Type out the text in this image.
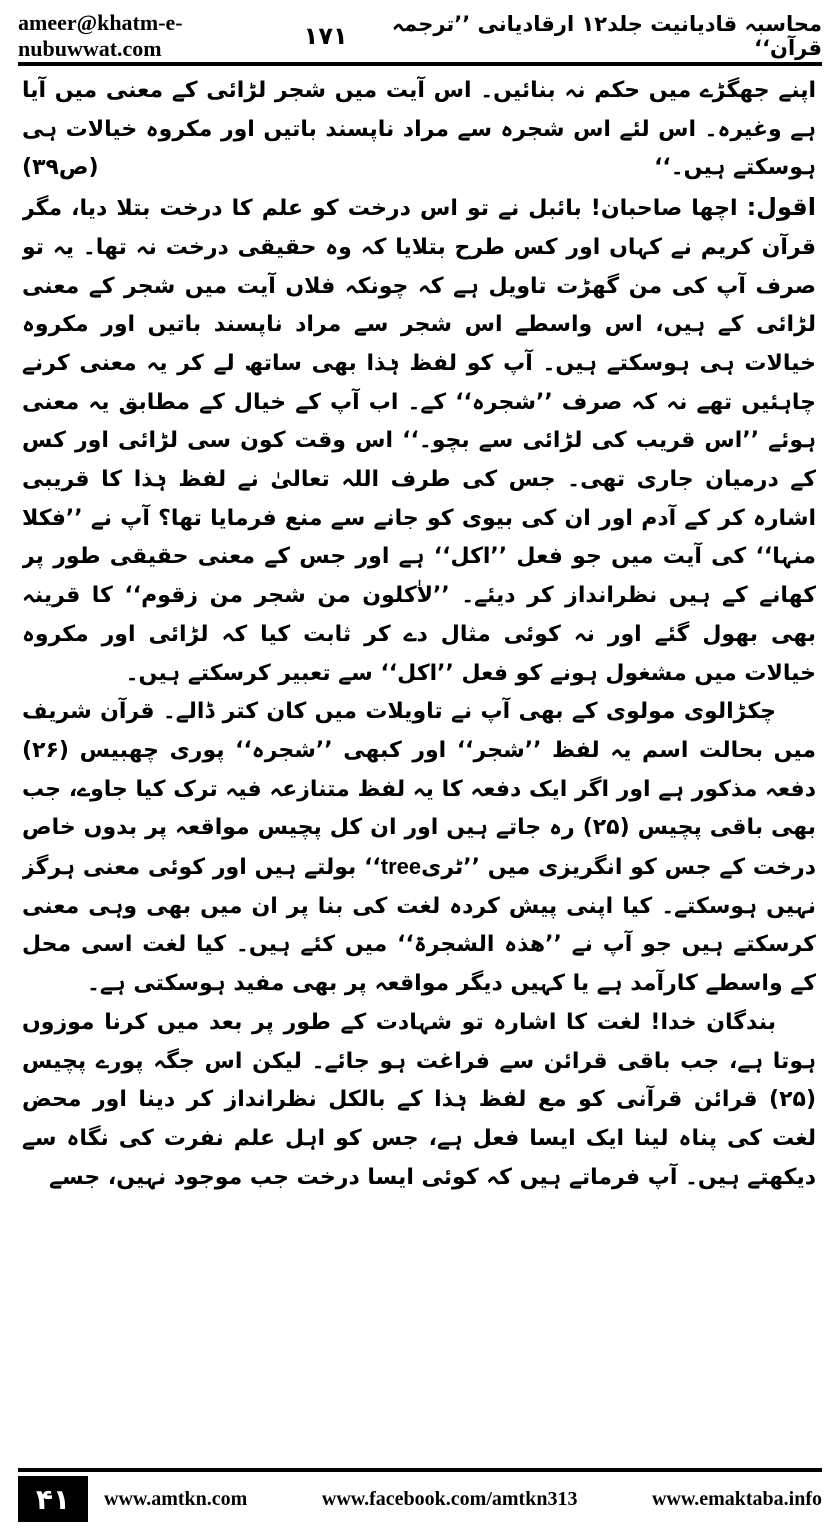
ameer@khatm-e-nubuwwat.com
محاسبہ قادیانیت جلد۱۲ ارقادیانی ’’ترجمہ قرآن‘‘
۱۷۱

اپنے جھگڑے میں حکم نہ بنائیں۔ اس آیت میں شجر لڑائی کے معنی میں آیا ہے وغیرہ۔ اس لئے اس شجرہ سے مراد ناپسند باتیں اور مکروہ خیالات ہی ہوسکتے ہیں۔‘‘
(ص۳۹)

اقول: اچھا صاحبان! بائبل نے تو اس درخت کو علم کا درخت بتلا دیا، مگر قرآن کریم نے کہاں اور کس طرح بتلایا کہ وہ حقیقی درخت نہ تھا۔ یہ تو صرف آپ کی من گھڑت تاویل ہے کہ چونکہ فلاں آیت میں شجر کے معنی لڑائی کے ہیں، اس واسطے اس شجر سے مراد ناپسند باتیں اور مکروہ خیالات ہی ہوسکتے ہیں۔ آپ کو لفظ ہٰذا بھی ساتھ لے کر یہ معنی کرنے چاہئیں تھے نہ کہ صرف ’’شجرہ‘‘ کے۔ اب آپ کے خیال کے مطابق یہ معنی ہوئے ’’اس قریب کی لڑائی سے بچو۔‘‘ اس وقت کون سی لڑائی اور کس کے درمیان جاری تھی۔ جس کی طرف اللہ تعالیٰ نے لفظ ہٰذا کا قریبی اشارہ کر کے آدم اور ان کی بیوی کو جانے سے منع فرمایا تھا؟ آپ نے ’’فکلا منہا‘‘ کی آیت میں جو فعل ’’اکل‘‘ ہے اور جس کے معنی حقیقی طور پر کھانے کے ہیں نظرانداز کر دیئے۔ ’’لاٰکلون من شجر من زقوم‘‘ کا قرینہ بھی بھول گئے اور نہ کوئی مثال دے کر ثابت کیا کہ لڑائی اور مکروہ خیالات میں مشغول ہونے کو فعل ’’اکل‘‘ سے تعبیر کرسکتے ہیں۔

چکڑالوی مولوی کے بھی آپ نے تاویلات میں کان کتر ڈالے۔ قرآن شریف میں بحالت اسم یہ لفظ ’’شجر‘‘ اور کبھی ’’شجرہ‘‘ پوری چھبیس (۲۶) دفعہ مذکور ہے اور اگر ایک دفعہ کا یہ لفظ متنازعہ فیہ ترک کیا جاوے، جب بھی باقی پچیس (۲۵) رہ جاتے ہیں اور ان کل پچیس مواقعہ پر بدوں خاص درخت کے جس کو انگریزی میں ’’ٹریtree‘‘ بولتے ہیں اور کوئی معنی ہرگز نہیں ہوسکتے۔ کیا اپنی پیش کردہ لغت کی بنا پر ان میں بھی وہی معنی کرسکتے ہیں جو آپ نے ’’ھذہ الشجرۃ‘‘ میں کئے ہیں۔ کیا لغت اسی محل کے واسطے کارآمد ہے یا کہیں دیگر مواقعہ پر بھی مفید ہوسکتی ہے۔

بندگان خدا! لغت کا اشارہ تو شہادت کے طور پر بعد میں کرنا موزوں ہوتا ہے، جب باقی قرائن سے فراغت ہو جائے۔ لیکن اس جگہ پورے پچیس (۲۵) قرائن قرآنی کو مع لفظ ہٰذا کے بالکل نظرانداز کر دینا اور محض لغت کی پناہ لینا ایک ایسا فعل ہے، جس کو اہل علم نفرت کی نگاہ سے دیکھتے ہیں۔ آپ فرماتے ہیں کہ کوئی ایسا درخت جب موجود نہیں، جسے

۴۱	www.amtkn.com	www.facebook.com/amtkn313	www.emaktaba.info
